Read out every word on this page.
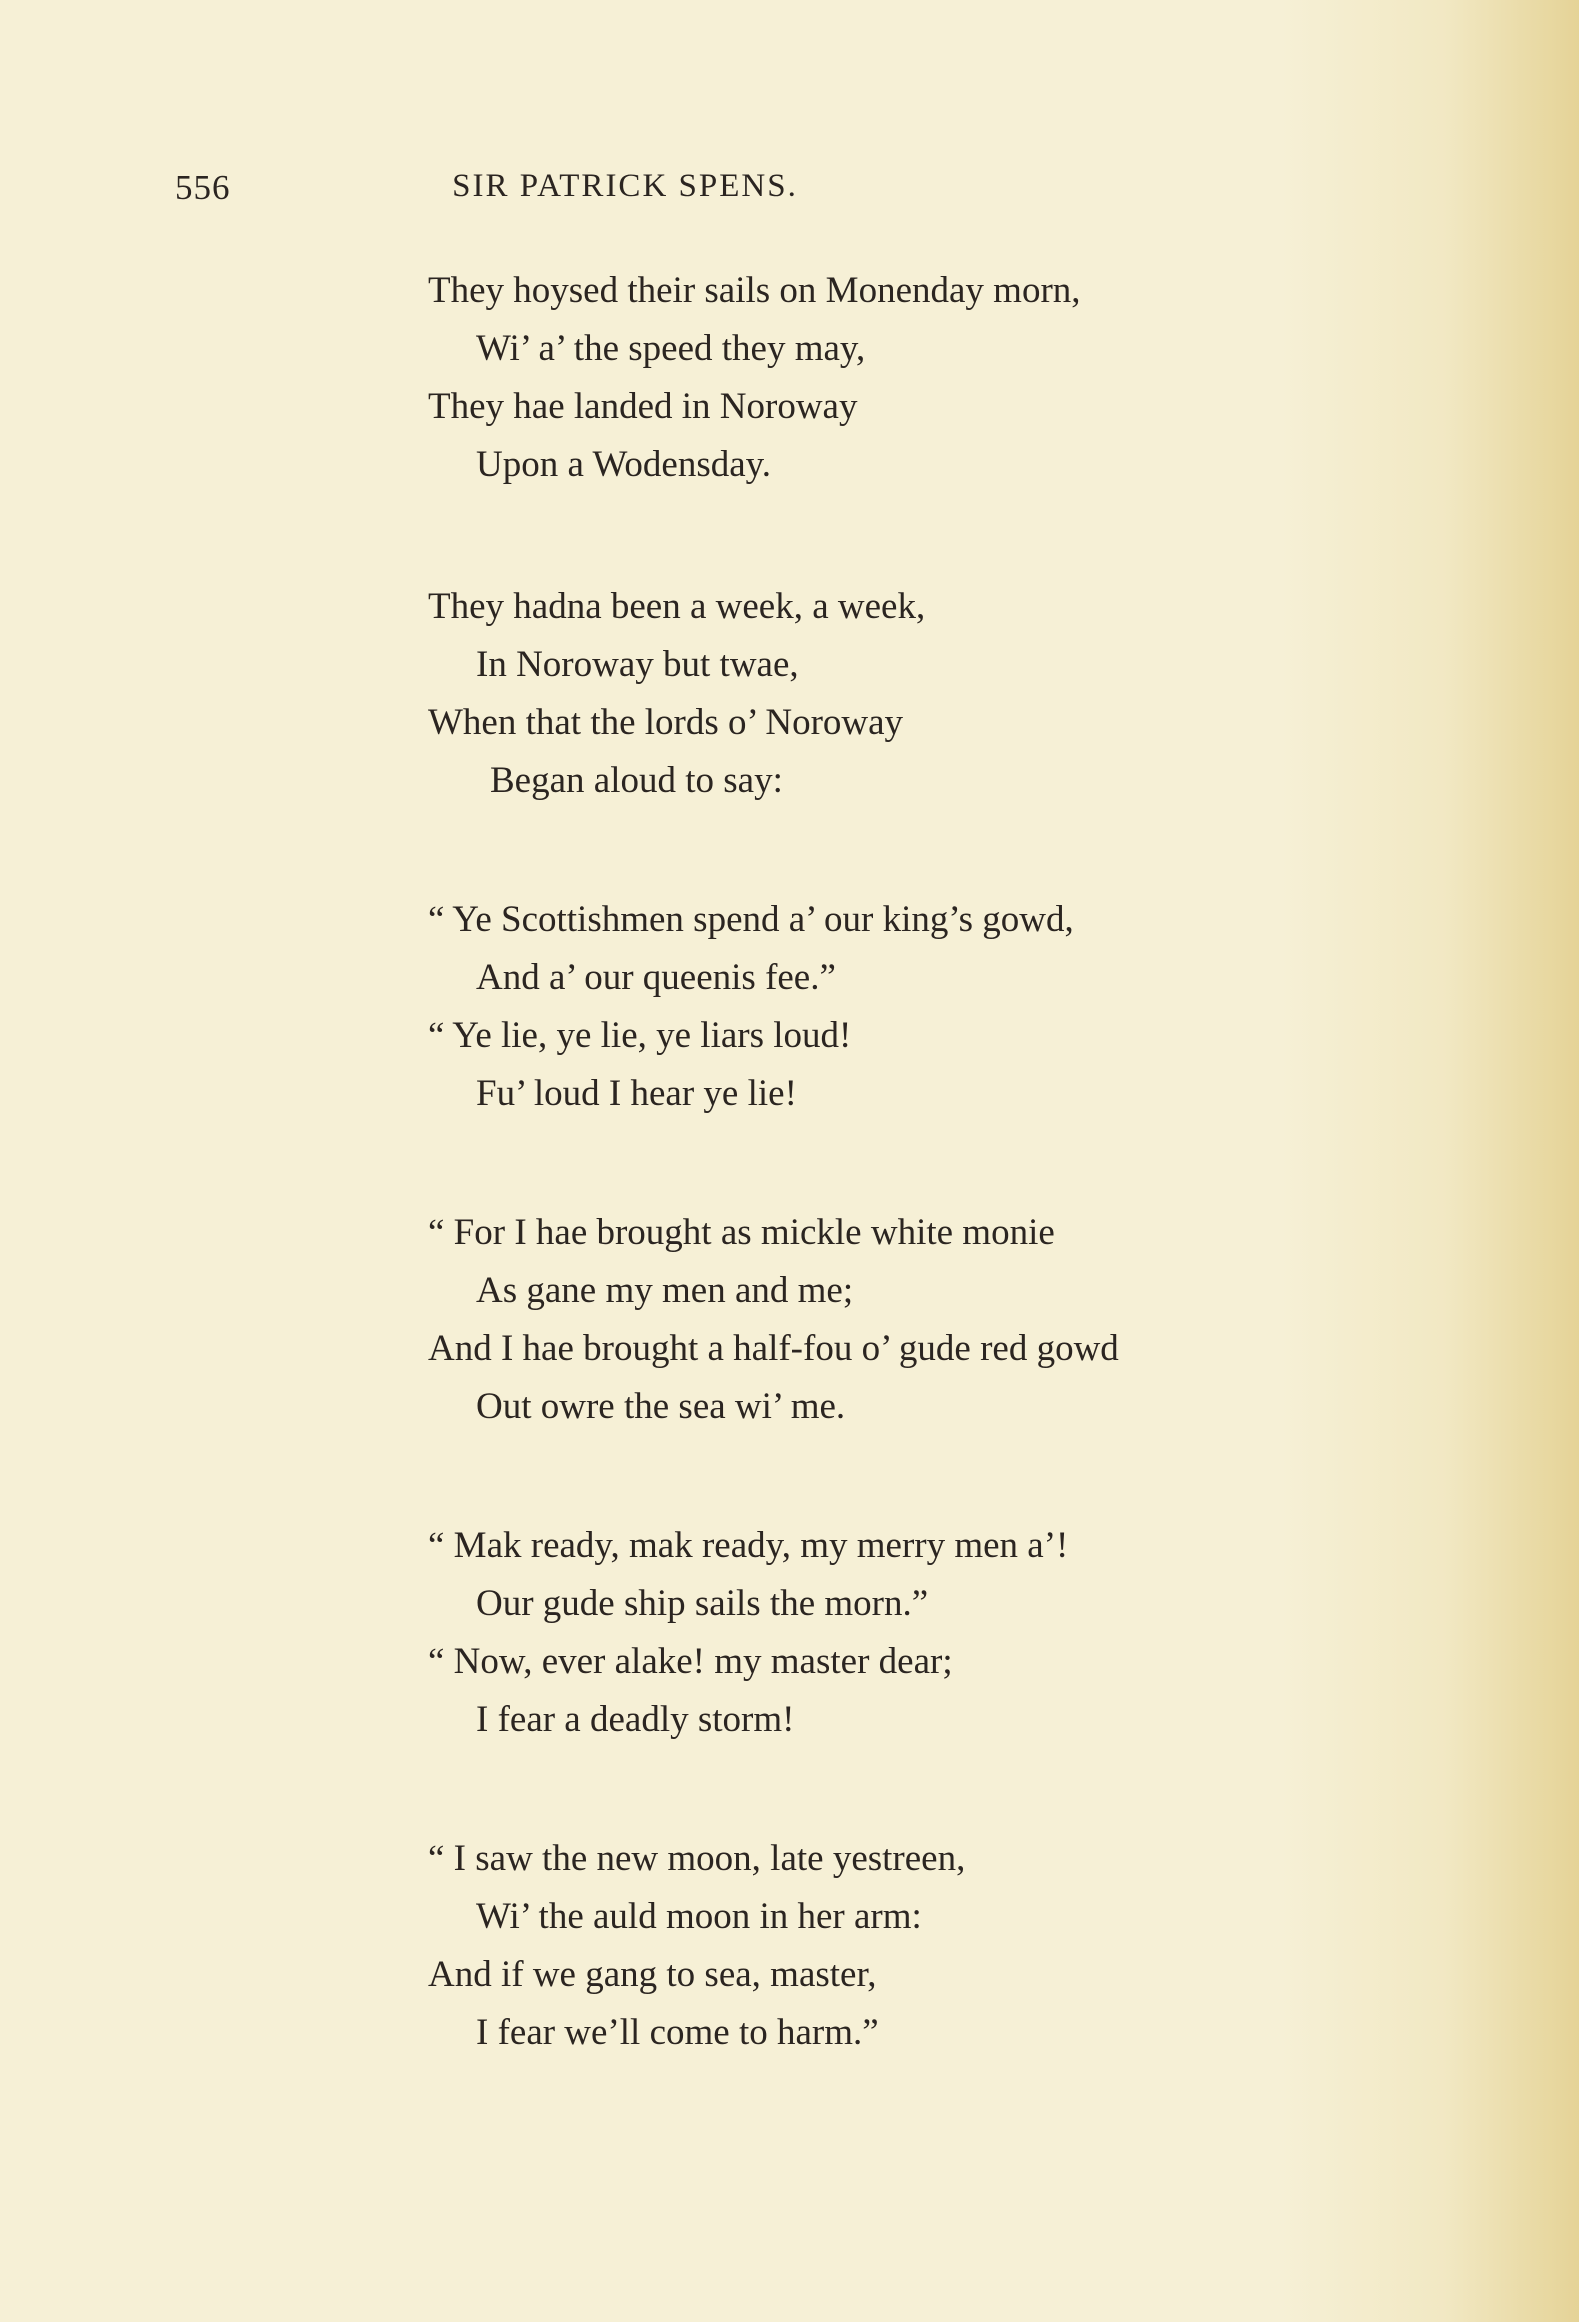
556	SIR PATRICK SPENS.
They hoysed their sails on Monenday morn,
Wi’ a’ the speed they may,
They hae landed in Noroway
Upon a Wodensday.
They hadna been a week, a week,
In Noroway but twae,
When that the lords o’ Noroway
Began aloud to say:
“ Ye Scottishmen spend a’ our king’s gowd,
And a’ our queenis fee.”
“ Ye lie, ye lie, ye liars loud!
Fu’ loud I hear ye lie!
“ For I hae brought as mickle white monie
As gane my men and me;
And I hae brought a half-fou o’ gude red gowd
Out owre the sea wi’ me.
“ Mak ready, mak ready, my merry men a’!
Our gude ship sails the morn.”
“ Now, ever alake! my master dear;
I fear a deadly storm!
“ I saw the new moon, late yestreen,
Wi’ the auld moon in her arm:
And if we gang to sea, master,
I fear we’ll come to harm.”
